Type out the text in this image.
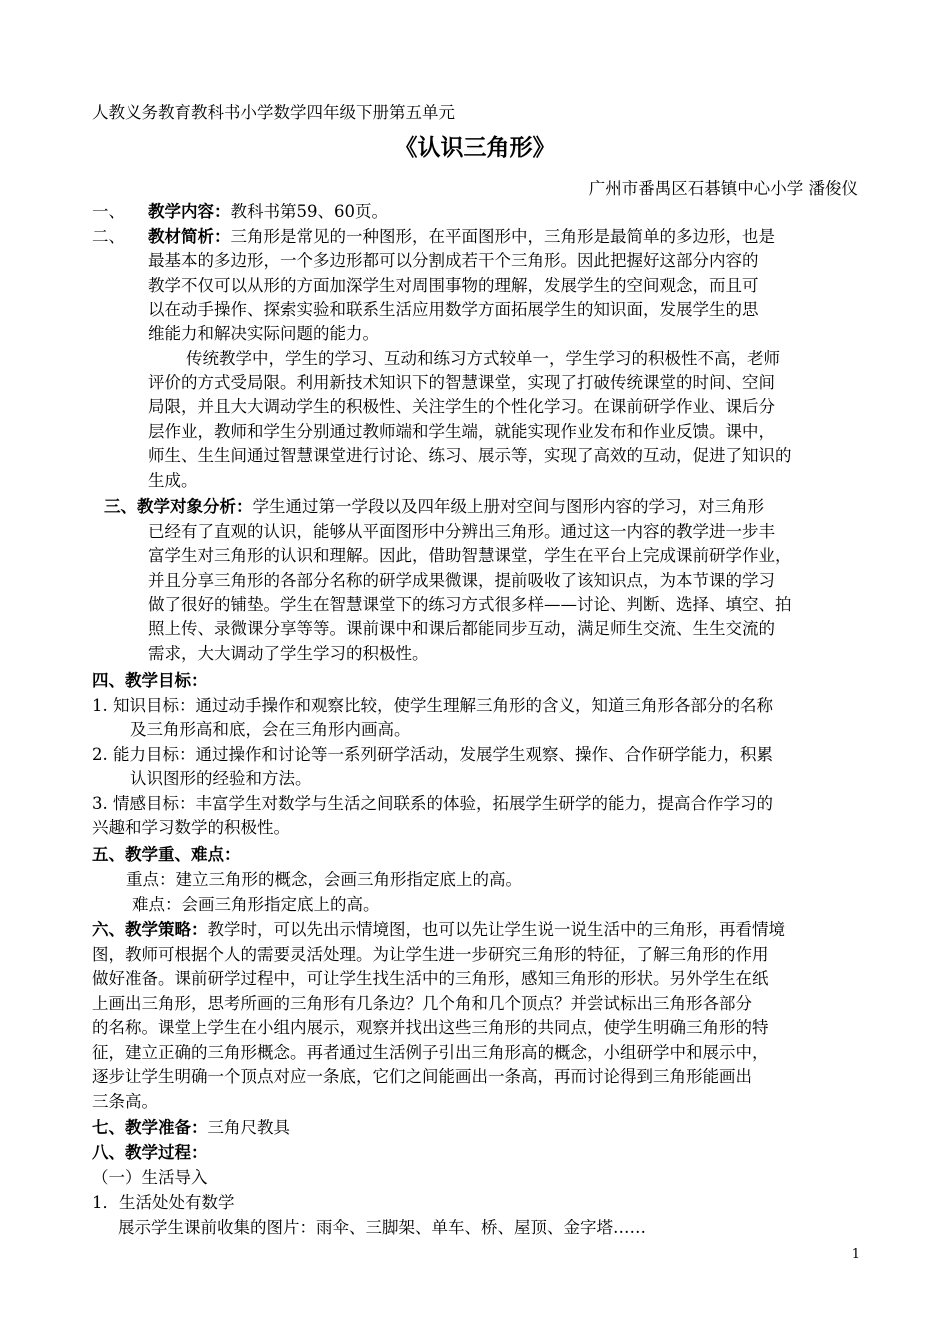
人教义务教育教科书小学数学四年级下册第五单元
《认识三角形》
广州市番禺区石碁镇中心小学 潘俊仪
一、 教学内容：教科书第59、60页。
二、 教材简析：三角形是常见的一种图形，在平面图形中，三角形是最简单的多边形，也是
最基本的多边形，一个多边形都可以分割成若干个三角形。因此把握好这部分内容的
教学不仅可以从形的方面加深学生对周围事物的理解，发展学生的空间观念，而且可
以在动手操作、探索实验和联系生活应用数学方面拓展学生的知识面，发展学生的思
维能力和解决实际问题的能力。
传统教学中，学生的学习、互动和练习方式较单一，学生学习的积极性不高，老师
评价的方式受局限。利用新技术知识下的智慧课堂，实现了打破传统课堂的时间、空间
局限，并且大大调动学生的积极性、关注学生的个性化学习。在课前研学作业、课后分
层作业，教师和学生分别通过教师端和学生端，就能实现作业发布和作业反馈。课中，
师生、生生间通过智慧课堂进行讨论、练习、展示等，实现了高效的互动，促进了知识的
生成。
三、教学对象分析：学生通过第一学段以及四年级上册对空间与图形内容的学习，对三角形
已经有了直观的认识，能够从平面图形中分辨出三角形。通过这一内容的教学进一步丰
富学生对三角形的认识和理解。因此，借助智慧课堂，学生在平台上完成课前研学作业，
并且分享三角形的各部分名称的研学成果微课，提前吸收了该知识点，为本节课的学习
做了很好的铺垫。学生在智慧课堂下的练习方式很多样——讨论、判断、选择、填空、拍
照上传、录微课分享等等。课前课中和课后都能同步互动，满足师生交流、生生交流的
需求，大大调动了学生学习的积极性。
四、教学目标：
1. 知识目标：通过动手操作和观察比较，使学生理解三角形的含义，知道三角形各部分的名称
及三角形高和底，会在三角形内画高。
2. 能力目标：通过操作和讨论等一系列研学活动，发展学生观察、操作、合作研学能力，积累
认识图形的经验和方法。
3. 情感目标：丰富学生对数学与生活之间联系的体验，拓展学生研学的能力，提高合作学习的
兴趣和学习数学的积极性。
五、教学重、难点：
重点：建立三角形的概念，会画三角形指定底上的高。
难点：会画三角形指定底上的高。
六、教学策略：教学时，可以先出示情境图，也可以先让学生说一说生活中的三角形，再看情境
图，教师可根据个人的需要灵活处理。为让学生进一步研究三角形的特征，了解三角形的作用
做好准备。课前研学过程中，可让学生找生活中的三角形，感知三角形的形状。另外学生在纸
上画出三角形，思考所画的三角形有几条边？几个角和几个顶点？并尝试标出三角形各部分
的名称。课堂上学生在小组内展示，观察并找出这些三角形的共同点，使学生明确三角形的特
征，建立正确的三角形概念。再者通过生活例子引出三角形高的概念，小组研学中和展示中，
逐步让学生明确一个顶点对应一条底，它们之间能画出一条高，再而讨论得到三角形能画出
三条高。
七、教学准备：三角尺教具
八、教学过程：
（一）生活导入
1．生活处处有数学
展示学生课前收集的图片：雨伞、三脚架、单车、桥、屋顶、金字塔……
1
